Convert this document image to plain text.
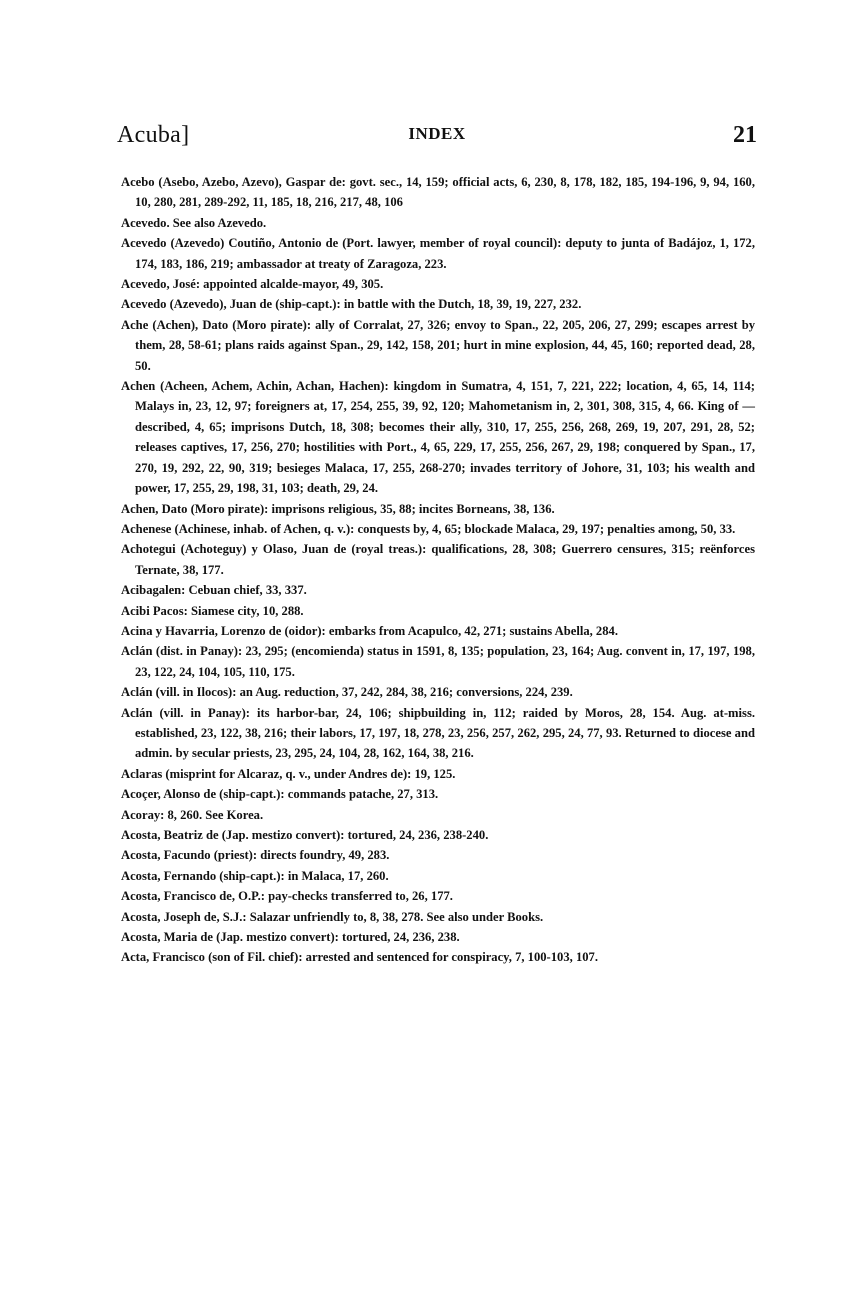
Acuba]	INDEX	21

Acebo (Asebo, Azebo, Azevo), Gaspar de: govt. sec., 14, 159; official acts, 6, 230, 8, 178, 182, 185, 194-196, 9, 94, 160, 10, 280, 281, 289-292, 11, 185, 18, 216, 217, 48, 106

Acevedo. See also Azevedo.

Acevedo (Azevedo) Coutiño, Antonio de (Port. lawyer, member of royal council): deputy to junta of Badájoz, 1, 172, 174, 183, 186, 219; ambassador at treaty of Zaragoza, 223.

Acevedo, José: appointed alcalde-mayor, 49, 305.

Acevedo (Azevedo), Juan de (ship-capt.): in battle with the Dutch, 18, 39, 19, 227, 232.

Ache (Achen), Dato (Moro pirate): ally of Corralat, 27, 326; envoy to Span., 22, 205, 206, 27, 299; escapes arrest by them, 28, 58-61; plans raids against Span., 29, 142, 158, 201; hurt in mine explosion, 44, 45, 160; reported dead, 28, 50.

Achen (Acheen, Achem, Achin, Achan, Hachen): kingdom in Sumatra, 4, 151, 7, 221, 222; location, 4, 65, 14, 114; Malays in, 23, 12, 97; foreigners at, 17, 254, 255, 39, 92, 120; Mahometanism in, 2, 301, 308, 315, 4, 66. King of — described, 4, 65; imprisons Dutch, 18, 308; becomes their ally, 310, 17, 255, 256, 268, 269, 19, 207, 291, 28, 52; releases captives, 17, 256, 270; hostilities with Port., 4, 65, 229, 17, 255, 256, 267, 29, 198; conquered by Span., 17, 270, 19, 292, 22, 90, 319; besieges Malaca, 17, 255, 268-270; invades territory of Johore, 31, 103; his wealth and power, 17, 255, 29, 198, 31, 103; death, 29, 24.

Achen, Dato (Moro pirate): imprisons religious, 35, 88; incites Borneans, 38, 136.

Achenese (Achinese, inhab. of Achen, q. v.): conquests by, 4, 65; blockade Malaca, 29, 197; penalties among, 50, 33.

Achotegui (Achoteguy) y Olaso, Juan de (royal treas.): qualifications, 28, 308; Guerrero censures, 315; reënforces Ternate, 38, 177.

Acibagalen: Cebuan chief, 33, 337.

Acibi Pacos: Siamese city, 10, 288.

Acina y Havarria, Lorenzo de (oidor): embarks from Acapulco, 42, 271; sustains Abella, 284.

Aclán (dist. in Panay): 23, 295; (encomienda) status in 1591, 8, 135; population, 23, 164; Aug. convent in, 17, 197, 198, 23, 122, 24, 104, 105, 110, 175.

Aclán (vill. in Ilocos): an Aug. reduction, 37, 242, 284, 38, 216; conversions, 224, 239.

Aclán (vill. in Panay): its harbor-bar, 24, 106; shipbuilding in, 112; raided by Moros, 28, 154. Aug. at-miss. established, 23, 122, 38, 216; their labors, 17, 197, 18, 278, 23, 256, 257, 262, 295, 24, 77, 93. Returned to diocese and admin. by secular priests, 23, 295, 24, 104, 28, 162, 164, 38, 216.

Aclaras (misprint for Alcaraz, q. v., under Andres de): 19, 125.

Acoçer, Alonso de (ship-capt.): commands patache, 27, 313.

Acoray: 8, 260. See Korea.

Acosta, Beatriz de (Jap. mestizo convert): tortured, 24, 236, 238-240.

Acosta, Facundo (priest): directs foundry, 49, 283.

Acosta, Fernando (ship-capt.): in Malaca, 17, 260.

Acosta, Francisco de, O.P.: pay-checks transferred to, 26, 177.

Acosta, Joseph de, S.J.: Salazar unfriendly to, 8, 38, 278. See also under Books.

Acosta, Maria de (Jap. mestizo convert): tortured, 24, 236, 238.

Acta, Francisco (son of Fil. chief): arrested and sentenced for conspiracy, 7, 100-103, 107.
